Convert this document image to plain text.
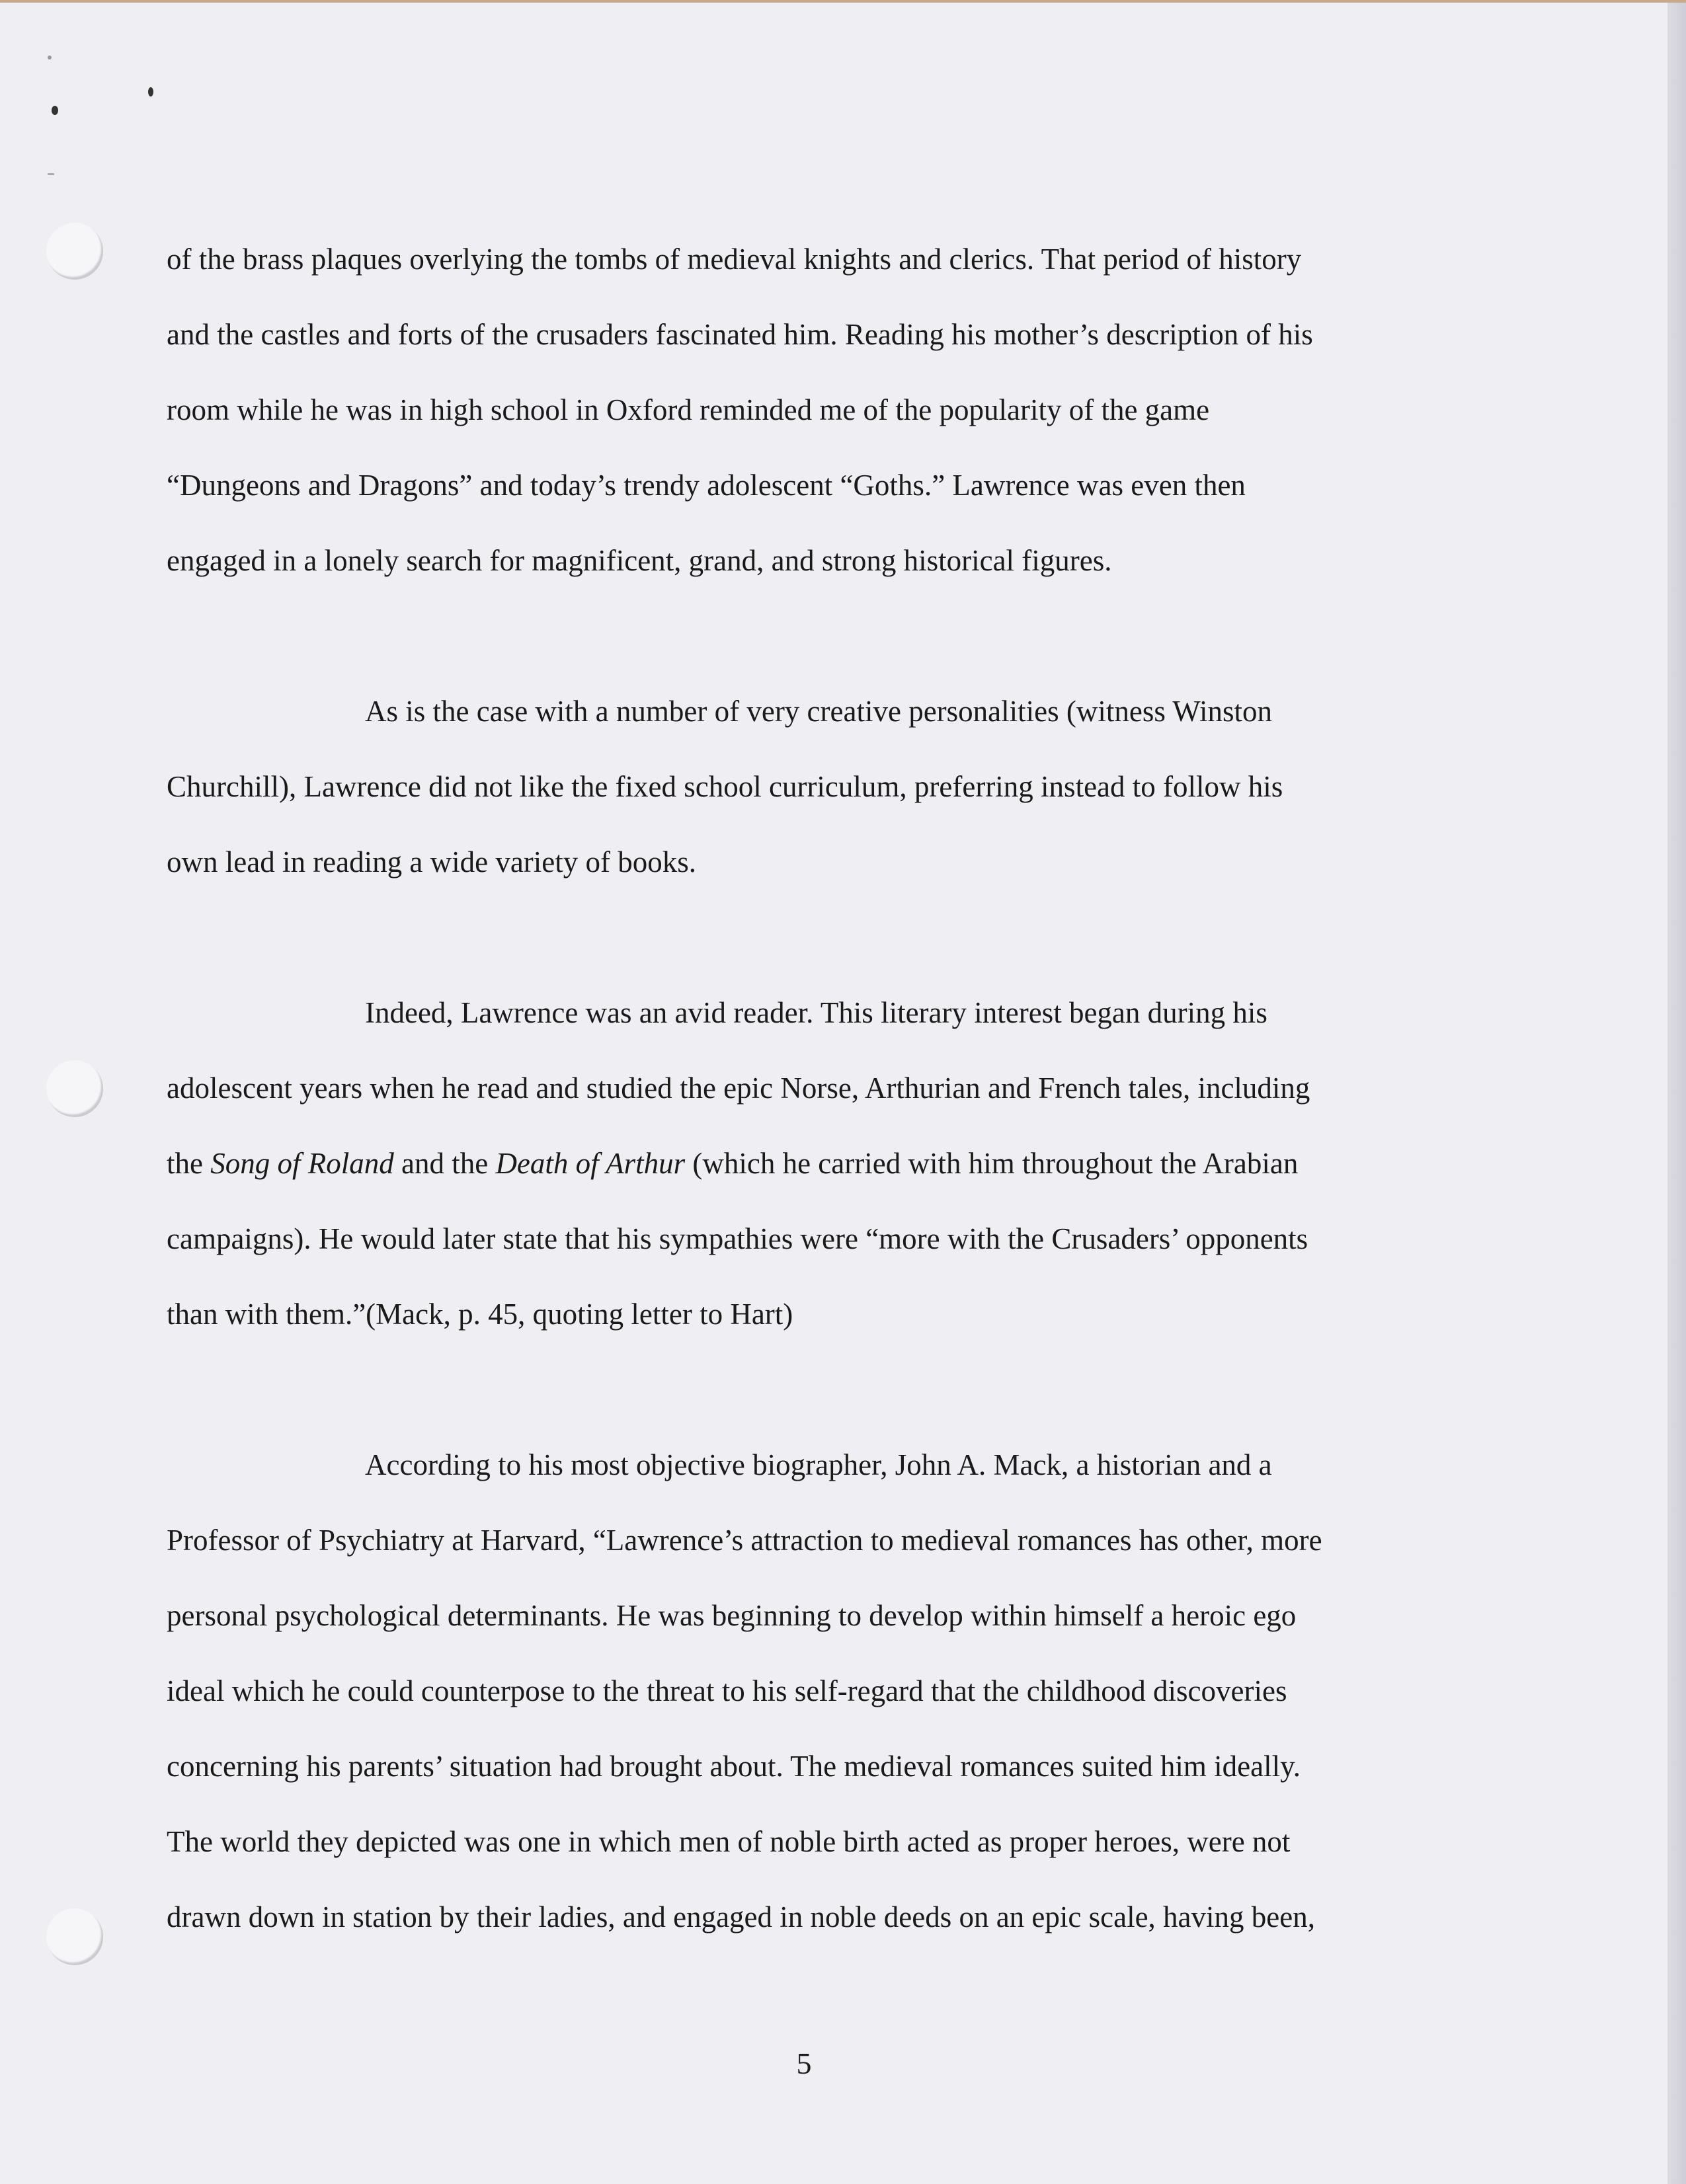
of the brass plaques overlying the tombs of medieval knights and clerics. That period of history
and the castles and forts of the crusaders fascinated him. Reading his mother’s description of his
room while he was in high school in Oxford reminded me of the popularity of the game
“Dungeons and Dragons” and today’s trendy adolescent “Goths.” Lawrence was even then
engaged in a lonely search for magnificent, grand, and strong historical figures.
As is the case with a number of very creative personalities (witness Winston
Churchill), Lawrence did not like the fixed school curriculum, preferring instead to follow his
own lead in reading a wide variety of books.
Indeed, Lawrence was an avid reader. This literary interest began during his
adolescent years when he read and studied the epic Norse, Arthurian and French tales, including
the Song of Roland and the Death of Arthur (which he carried with him throughout the Arabian
campaigns). He would later state that his sympathies were “more with the Crusaders’ opponents
than with them.”(Mack, p. 45, quoting letter to Hart)
According to his most objective biographer, John A. Mack, a historian and a
Professor of Psychiatry at Harvard, “Lawrence’s attraction to medieval romances has other, more
personal psychological determinants. He was beginning to develop within himself a heroic ego
ideal which he could counterpose to the threat to his self-regard that the childhood discoveries
concerning his parents’ situation had brought about. The medieval romances suited him ideally.
The world they depicted was one in which men of noble birth acted as proper heroes, were not
drawn down in station by their ladies, and engaged in noble deeds on an epic scale, having been,
5
